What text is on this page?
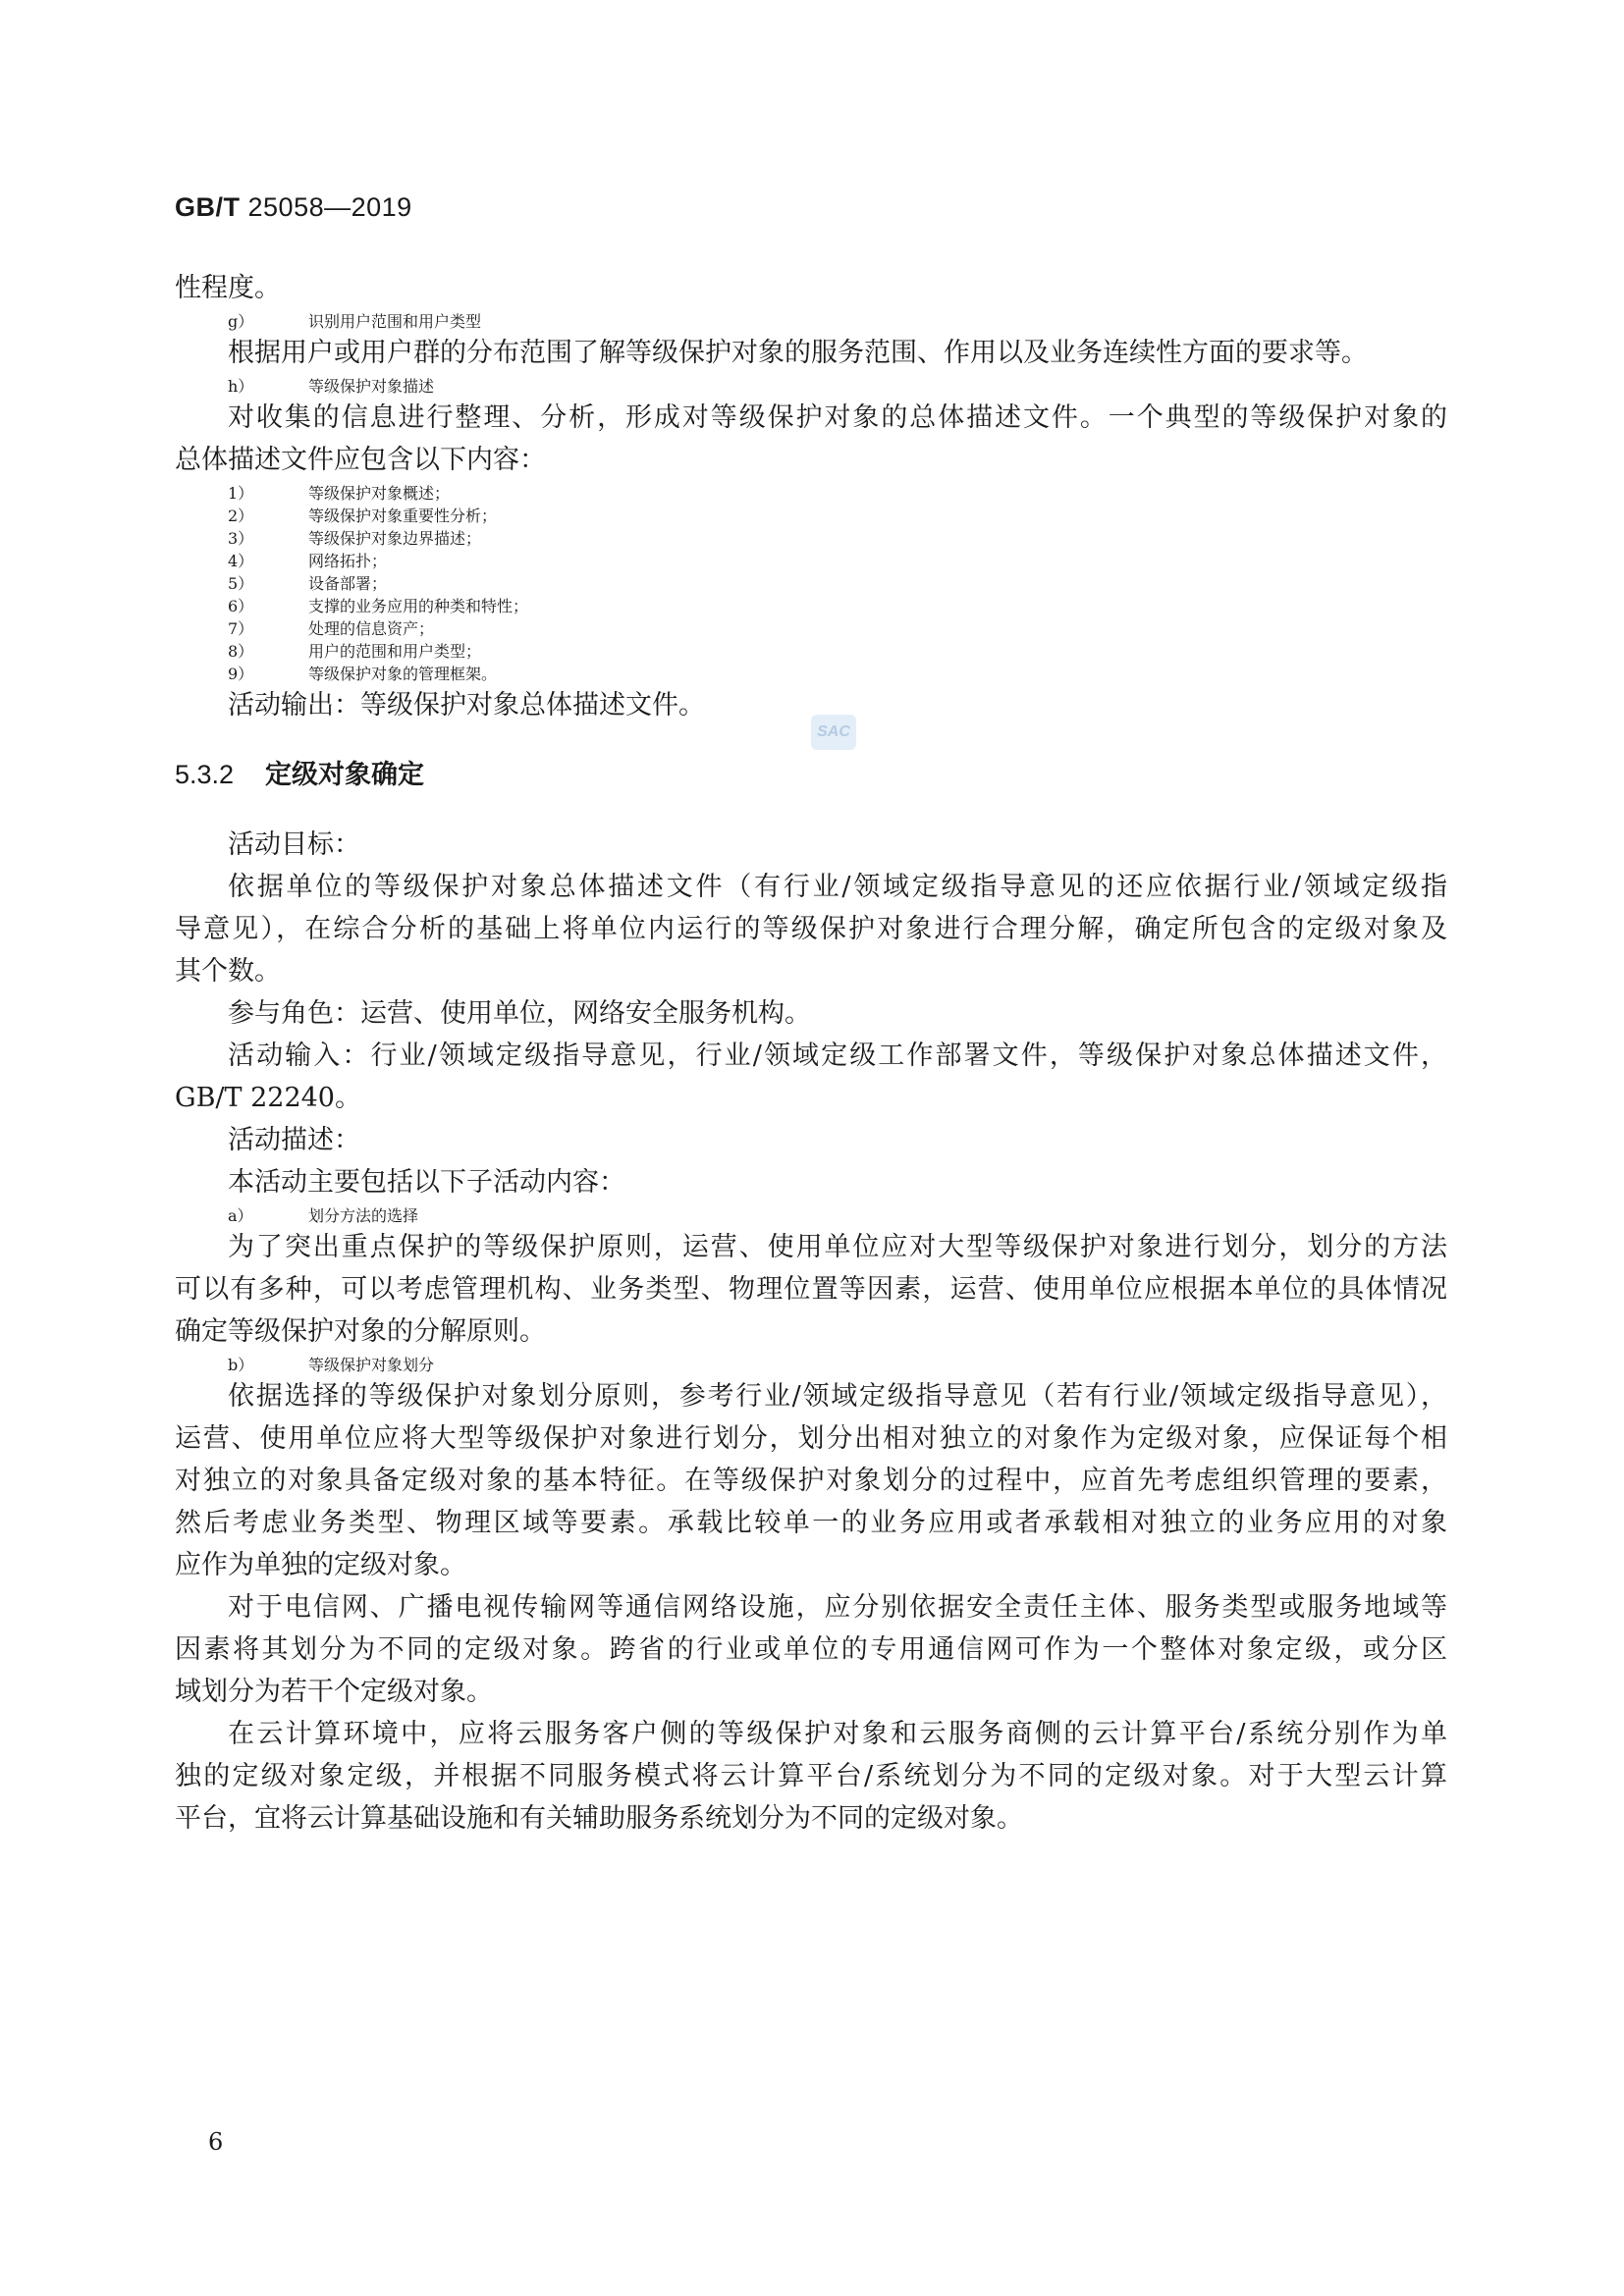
GB/T 25058—2019
SAC
性程度。
g）	识别用户范围和用户类型
根据用户或用户群的分布范围了解等级保护对象的服务范围、作用以及业务连续性方面的要求等。
h）	等级保护对象描述
对收集的信息进行整理、分析，形成对等级保护对象的总体描述文件。一个典型的等级保护对象的
总体描述文件应包含以下内容：
1）	等级保护对象概述；
2）	等级保护对象重要性分析；
3）	等级保护对象边界描述；
4）	网络拓扑；
5）	设备部署；
6）	支撑的业务应用的种类和特性；
7）	处理的信息资产；
8）	用户的范围和用户类型；
9）	等级保护对象的管理框架。
活动输出：等级保护对象总体描述文件。
5.3.2	定级对象确定
活动目标：
依据单位的等级保护对象总体描述文件（有行业/领域定级指导意见的还应依据行业/领域定级指
导意见），在综合分析的基础上将单位内运行的等级保护对象进行合理分解，确定所包含的定级对象及
其个数。
参与角色：运营、使用单位，网络安全服务机构。
活动输入：行业/领域定级指导意见，行业/领域定级工作部署文件，等级保护对象总体描述文件，
GB/T 22240。
活动描述：
本活动主要包括以下子活动内容：
a）	划分方法的选择
为了突出重点保护的等级保护原则，运营、使用单位应对大型等级保护对象进行划分，划分的方法
可以有多种，可以考虑管理机构、业务类型、物理位置等因素，运营、使用单位应根据本单位的具体情况
确定等级保护对象的分解原则。
b）	等级保护对象划分
依据选择的等级保护对象划分原则，参考行业/领域定级指导意见（若有行业/领域定级指导意见），
运营、使用单位应将大型等级保护对象进行划分，划分出相对独立的对象作为定级对象，应保证每个相
对独立的对象具备定级对象的基本特征。在等级保护对象划分的过程中，应首先考虑组织管理的要素，
然后考虑业务类型、物理区域等要素。承载比较单一的业务应用或者承载相对独立的业务应用的对象
应作为单独的定级对象。
对于电信网、广播电视传输网等通信网络设施，应分别依据安全责任主体、服务类型或服务地域等
因素将其划分为不同的定级对象。跨省的行业或单位的专用通信网可作为一个整体对象定级，或分区
域划分为若干个定级对象。
在云计算环境中，应将云服务客户侧的等级保护对象和云服务商侧的云计算平台/系统分别作为单
独的定级对象定级，并根据不同服务模式将云计算平台/系统划分为不同的定级对象。对于大型云计算
平台，宜将云计算基础设施和有关辅助服务系统划分为不同的定级对象。
6
